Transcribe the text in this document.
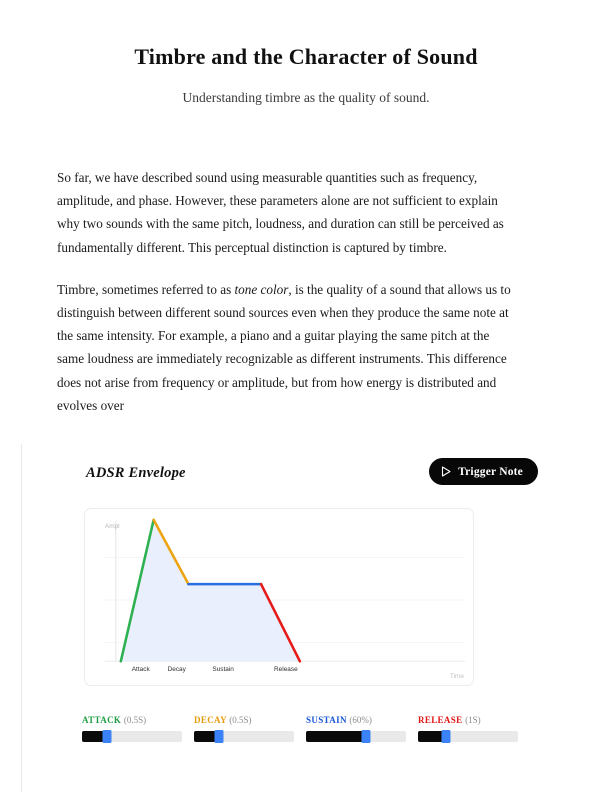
Timbre and the Character of Sound
Understanding timbre as the quality of sound.

So far, we have described sound using measurable quantities such as frequency, amplitude, and phase. However, these parameters alone are not sufficient to explain why two sounds with the same pitch, loudness, and duration can still be perceived as fundamentally different. This perceptual distinction is captured by timbre.

Timbre, sometimes referred to as tone color, is the quality of a sound that allows us to distinguish between different sound sources even when they produce the same note at the same intensity. For example, a piano and a guitar playing the same pitch at the same loudness are immediately recognizable as different instruments. This difference does not arise from frequency or amplitude, but from how energy is distributed and evolves over

ADSR Envelope	Trigger Note
Ampl
Time
Attack	Decay	Sustain	Release
ATTACK (0.5S)	DECAY (0.5S)	SUSTAIN (60%)	RELEASE (1S)
